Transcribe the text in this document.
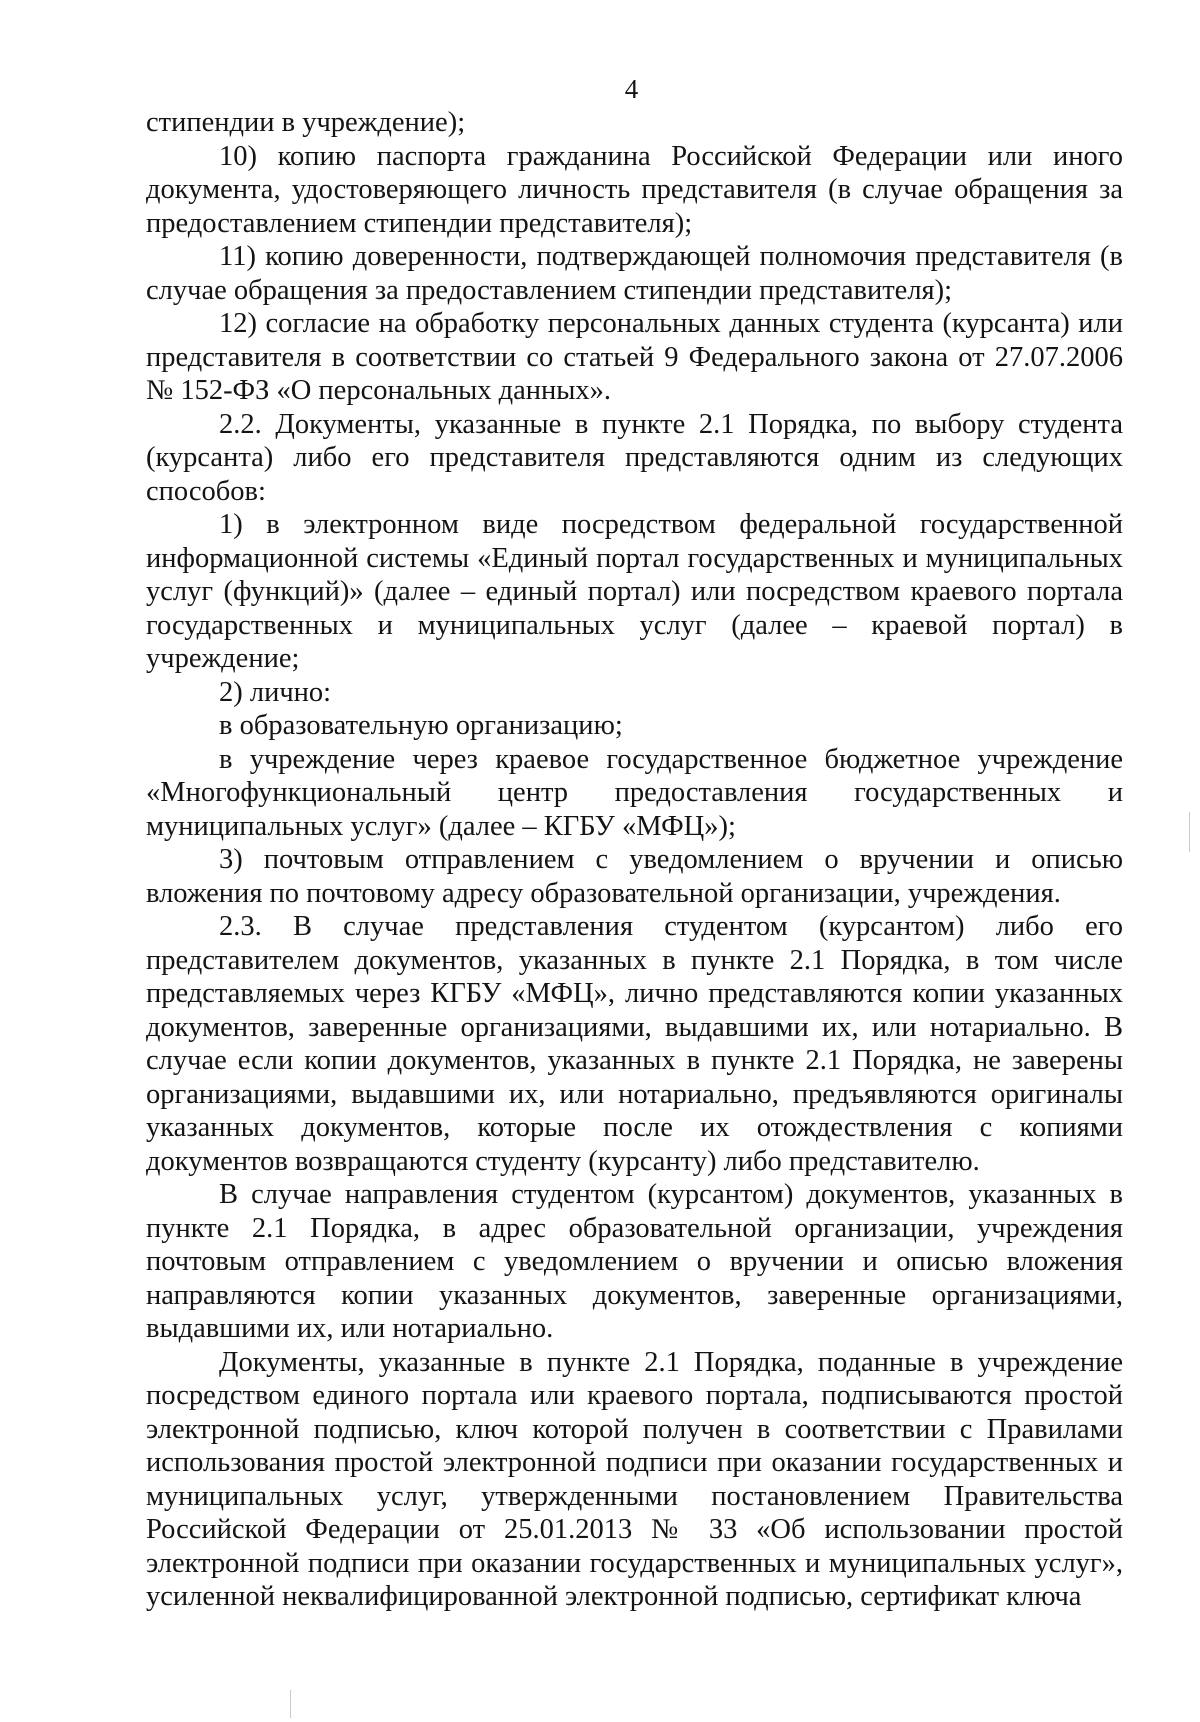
4

стипендии в учреждение);

10) копию паспорта гражданина Российской Федерации или иного документа, удостоверяющего личность представителя (в случае обращения за предоставлением стипендии представителя);

11) копию доверенности, подтверждающей полномочия представителя (в случае обращения за предоставлением стипендии представителя);

12) согласие на обработку персональных данных студента (курсанта) или представителя в соответствии со статьей 9 Федерального закона от 27.07.2006 № 152-ФЗ «О персональных данных».

2.2. Документы, указанные в пункте 2.1 Порядка, по выбору студента (курсанта) либо его представителя представляются одним из следующих способов:

1) в электронном виде посредством федеральной государственной информационной системы «Единый портал государственных и муниципальных услуг (функций)» (далее – единый портал) или посредством краевого портала государственных и муниципальных услуг (далее – краевой портал) в учреждение;

2) лично:

в образовательную организацию;

в учреждение через краевое государственное бюджетное учреждение «Многофункциональный центр предоставления государственных и муниципальных услуг» (далее – КГБУ «МФЦ»);

3) почтовым отправлением с уведомлением о вручении и описью вложения по почтовому адресу образовательной организации, учреждения.

2.3. В случае представления студентом (курсантом) либо его представителем документов, указанных в пункте 2.1 Порядка, в том числе представляемых через КГБУ «МФЦ», лично представляются копии указанных документов, заверенные организациями, выдавшими их, или нотариально. В случае если копии документов, указанных в пункте 2.1 Порядка, не заверены организациями, выдавшими их, или нотариально, предъявляются оригиналы указанных документов, которые после их отождествления с копиями документов возвращаются студенту (курсанту) либо представителю.

В случае направления студентом (курсантом) документов, указанных в пункте 2.1 Порядка, в адрес образовательной организации, учреждения почтовым отправлением с уведомлением о вручении и описью вложения направляются копии указанных документов, заверенные организациями, выдавшими их, или нотариально.

Документы, указанные в пункте 2.1 Порядка, поданные в учреждение посредством единого портала или краевого портала, подписываются простой электронной подписью, ключ которой получен в соответствии с Правилами использования простой электронной подписи при оказании государственных и муниципальных услуг, утвержденными постановлением Правительства Российской Федерации от 25.01.2013 № 33 «Об использовании простой электронной подписи при оказании государственных и муниципальных услуг», усиленной неквалифицированной электронной подписью, сертификат ключа
